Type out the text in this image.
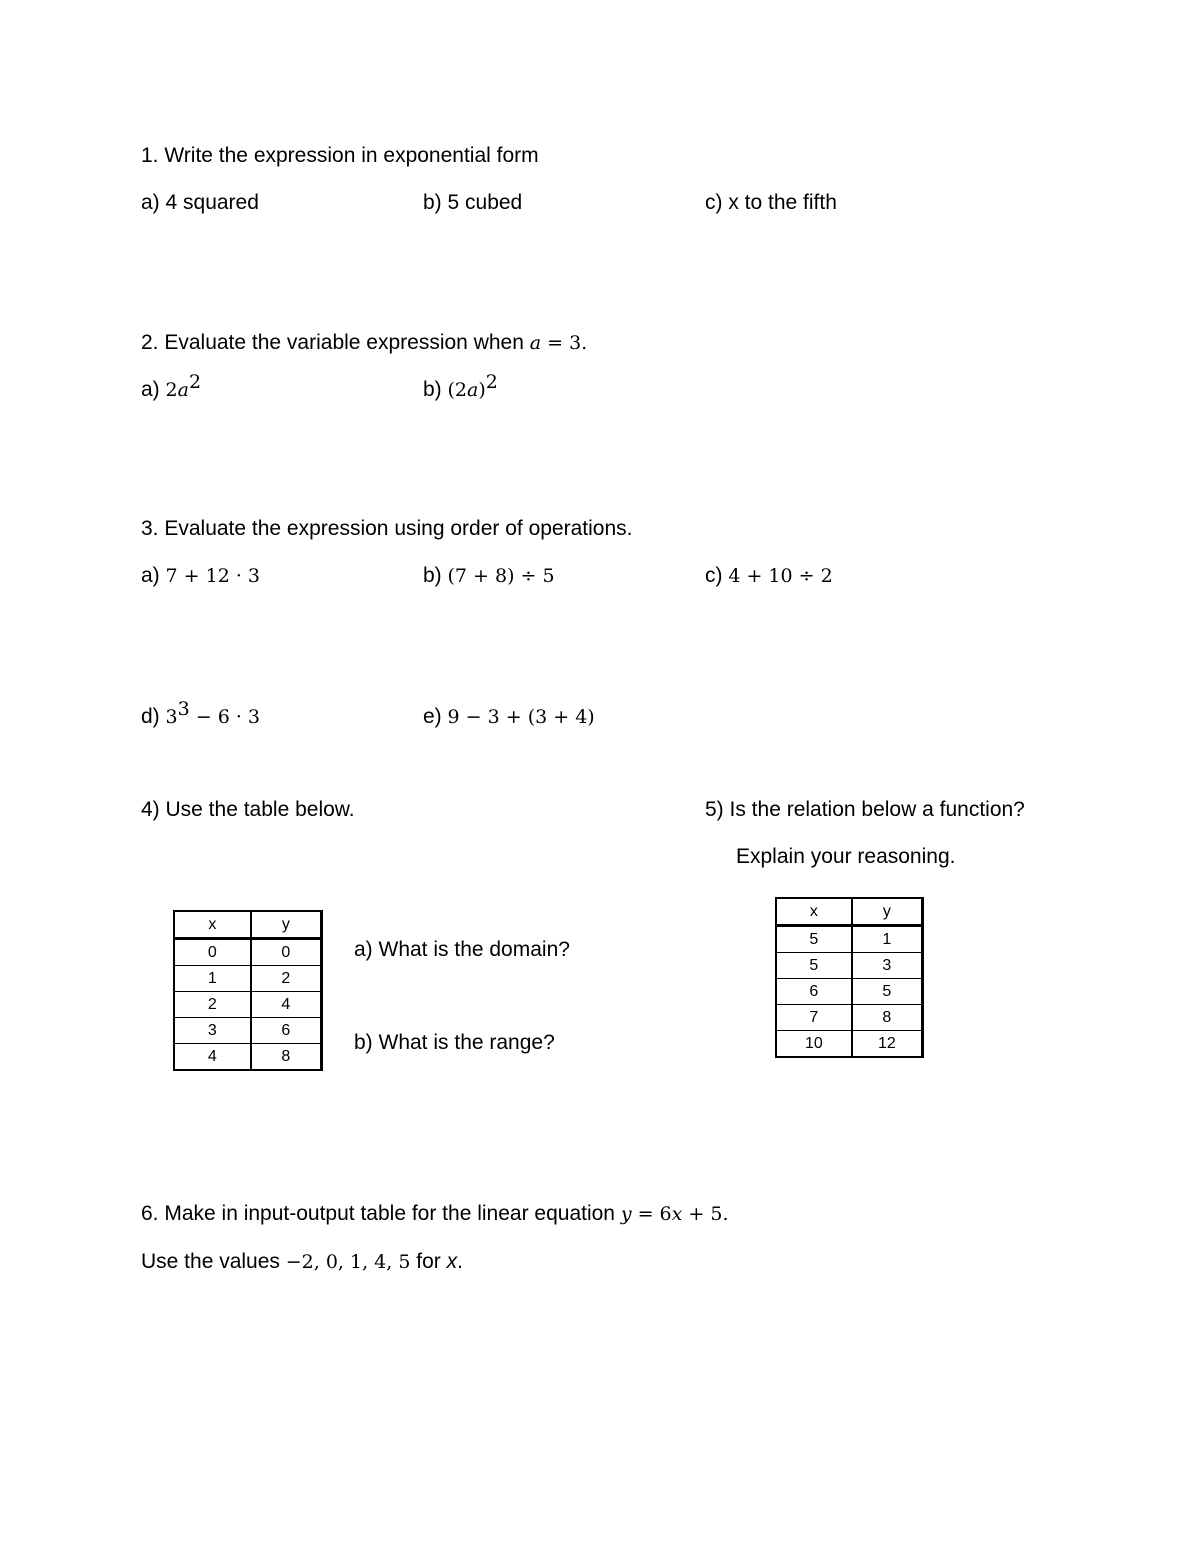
1. Write the expression in exponential form
a) 4 squared	b) 5 cubed	c) x to the fifth
2. Evaluate the variable expression when a = 3.
a) $2a^2$	b) $(2a)^2$
3. Evaluate the expression using order of operations.
a) 7 + 12 · 3	b) (7 + 8) ÷ 5	c) 4 + 10 ÷ 2
d) $3^3 - 6 \cdot 3$	e) 9 − 3 + (3 + 4)
4) Use the table below.
x	y
0	0
1	2
2	4
3	6
4	8
a) What is the domain?
b) What is the range?
5) Is the relation below a function?
Explain your reasoning.
x	y
5	1
5	3
6	5
7	8
10	12
6. Make in input-output table for the linear equation y = 6x + 5.
Use the values −2, 0, 1, 4, 5 for x.
